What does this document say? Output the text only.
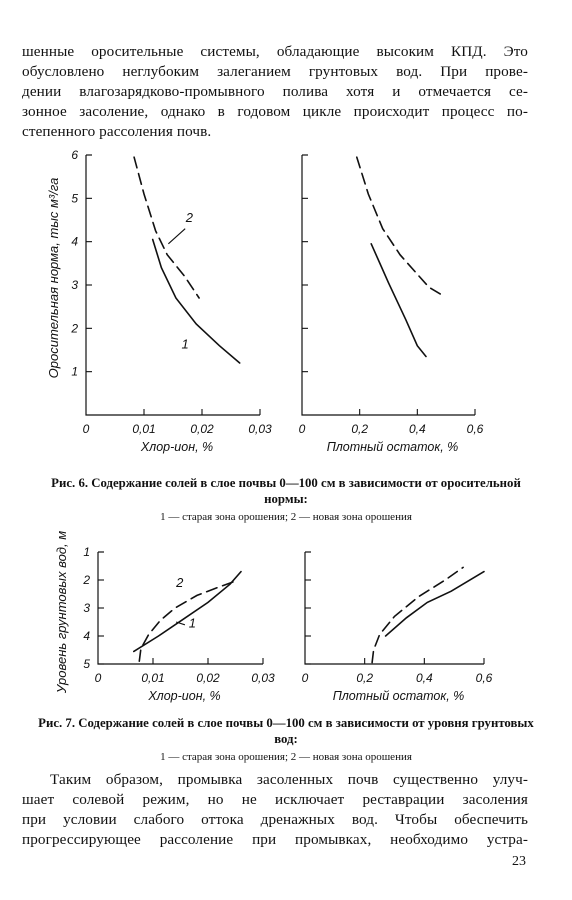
шенные оросительные системы, обладающие высоким КПД. Это
обусловлено неглубоким залеганием грунтовых вод. При прове-
дении влагозарядково-промывного полива хотя и отмечается се-
зонное засоление, однако в годовом цикле происходит процесс по-
степенного рассоления почв.
Оросительная норма, тыс м³/га
0	0,01	0,02	0,03
1
2
3
4
5
6
Хлор-ион, %
1
2
0	0,2	0,4	0,6
Плотный остаток, %

Рис. 6. Содержание солей в слое почвы 0—100 см в зависимости от оросительной нормы:
1 — старая зона орошения; 2 — новая зона орошения

Уровень грунтовых вод, м 0	0,01	0,02	0,03
1
2
3
4
5
Хлор-ион, %
1
2
0	0,2	0,4	0,6
Плотный остаток, %

Рис. 7. Содержание солей в слое почвы 0—100 см в зависимости от уровня грунтовых вод:
1 — старая зона орошения; 2 — новая зона орошения

Таким образом, промывка засоленных почв существенно улуч-
шает солевой режим, но не исключает реставрации засоления
при условии слабого оттока дренажных вод. Чтобы обеспечить
прогрессирующее рассоление при промывках, необходимо устра-
23
